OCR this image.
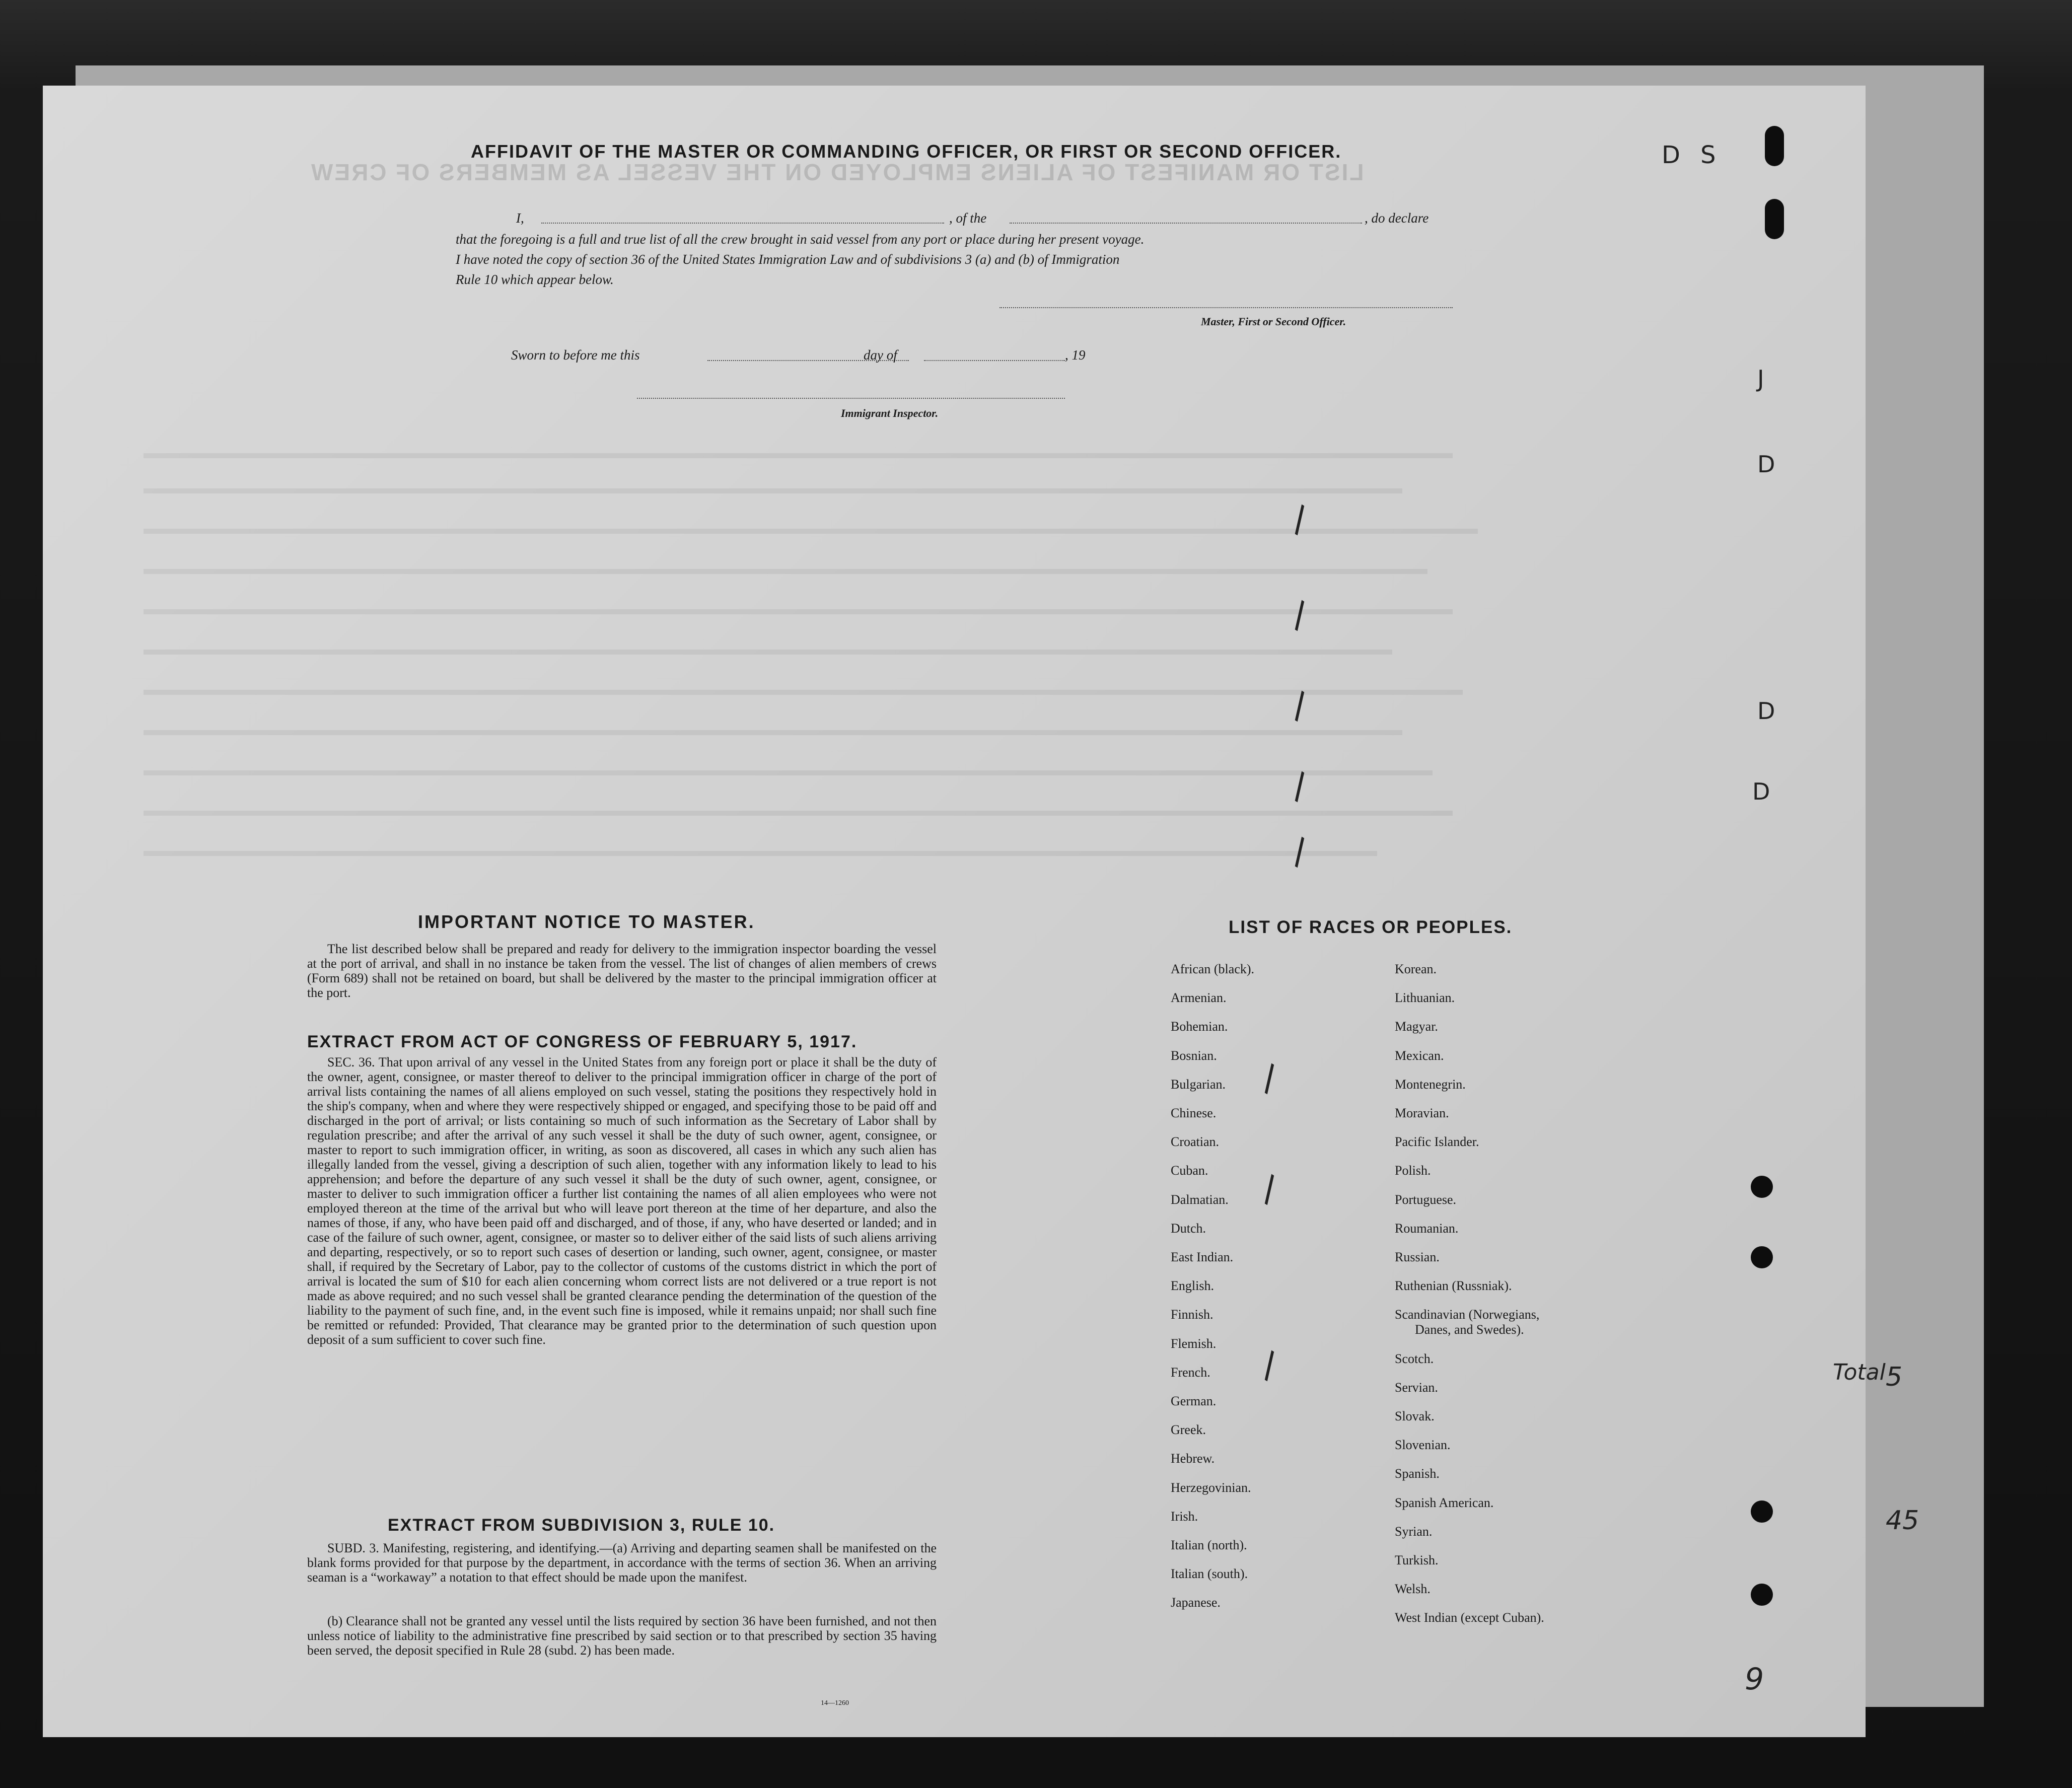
LIST OR MANIFEST OF ALIENS EMPLOYED ON THE VESSEL AS MEMBERS OF CREW
AFFIDAVIT OF THE MASTER OR COMMANDING OFFICER, OR FIRST OR SECOND OFFICER.
I,	, of the	, do declare
that the foregoing is a full and true list of all the crew brought in said vessel from any port or place during her present voyage.
I have noted the copy of section 36 of the United States Immigration Law and of subdivisions 3 (a) and (b) of Immigration
Rule 10 which appear below.
Master, First or Second Officer.
Sworn to before me this	day of	, 19
Immigrant Inspector.
IMPORTANT NOTICE TO MASTER.
The list described below shall be prepared and ready for delivery to the immigration inspector boarding the vessel at the port of arrival, and shall in no instance be taken from the vessel. The list of changes of alien members of crews (Form 689) shall not be retained on board, but shall be delivered by the master to the principal immigration officer at the port.
EXTRACT FROM ACT OF CONGRESS OF FEBRUARY 5, 1917.
SEC. 36. That upon arrival of any vessel in the United States from any foreign port or place it shall be the duty of the owner, agent, consignee, or master thereof to deliver to the principal immigration officer in charge of the port of arrival lists containing the names of all aliens employed on such vessel, stating the positions they respectively hold in the ship's company, when and where they were respectively shipped or engaged, and specifying those to be paid off and discharged in the port of arrival; or lists containing so much of such information as the Secretary of Labor shall by regulation prescribe; and after the arrival of any such vessel it shall be the duty of such owner, agent, consignee, or master to report to such immigration officer, in writing, as soon as discovered, all cases in which any such alien has illegally landed from the vessel, giving a description of such alien, together with any information likely to lead to his apprehension; and before the departure of any such vessel it shall be the duty of such owner, agent, consignee, or master to deliver to such immigration officer a further list containing the names of all alien employees who were not employed thereon at the time of the arrival but who will leave port thereon at the time of her departure, and also the names of those, if any, who have been paid off and discharged, and of those, if any, who have deserted or landed; and in case of the failure of such owner, agent, consignee, or master so to deliver either of the said lists of such aliens arriving and departing, respectively, or so to report such cases of desertion or landing, such owner, agent, consignee, or master shall, if required by the Secretary of Labor, pay to the collector of customs of the customs district in which the port of arrival is located the sum of $10 for each alien concerning whom correct lists are not delivered or a true report is not made as above required; and no such vessel shall be granted clearance pending the determination of the question of the liability to the payment of such fine, and, in the event such fine is imposed, while it remains unpaid; nor shall such fine be remitted or refunded: Provided, That clearance may be granted prior to the determination of such question upon deposit of a sum sufficient to cover such fine.
EXTRACT FROM SUBDIVISION 3, RULE 10.
SUBD. 3. Manifesting, registering, and identifying.—(a) Arriving and departing seamen shall be manifested on the blank forms provided for that purpose by the department, in accordance with the terms of section 36. When an arriving seaman is a “workaway” a notation to that effect should be made upon the manifest.
(b) Clearance shall not be granted any vessel until the lists required by section 36 have been furnished, and not then unless notice of liability to the administrative fine prescribed by said section or to that prescribed by section 35 having been served, the deposit specified in Rule 28 (subd. 2) has been made.
14—1260
LIST OF RACES OR PEOPLES.
African (black).
Armenian.
Bohemian.
Bosnian.
Bulgarian.
Chinese.
Croatian.
Cuban.
Dalmatian.
Dutch.
East Indian.
English.
Finnish.
Flemish.
French.
German.
Greek.
Hebrew.
Herzegovinian.
Irish.
Italian (north).
Italian (south).
Japanese.
Korean.
Lithuanian.
Magyar.
Mexican.
Montenegrin.
Moravian.
Pacific Islander.
Polish.
Portuguese.
Roumanian.
Russian.
Ruthenian (Russniak).
Scandinavian (Norwegians,
Danes, and Swedes).
Scotch.
Servian.
Slovak.
Slovenian.
Spanish.
Spanish American.
Syrian.
Turkish.
Welsh.
West Indian (except Cuban).
\
\
\
\
\
\
\
\
D S
J
D
D
D
Total 5
45
9
